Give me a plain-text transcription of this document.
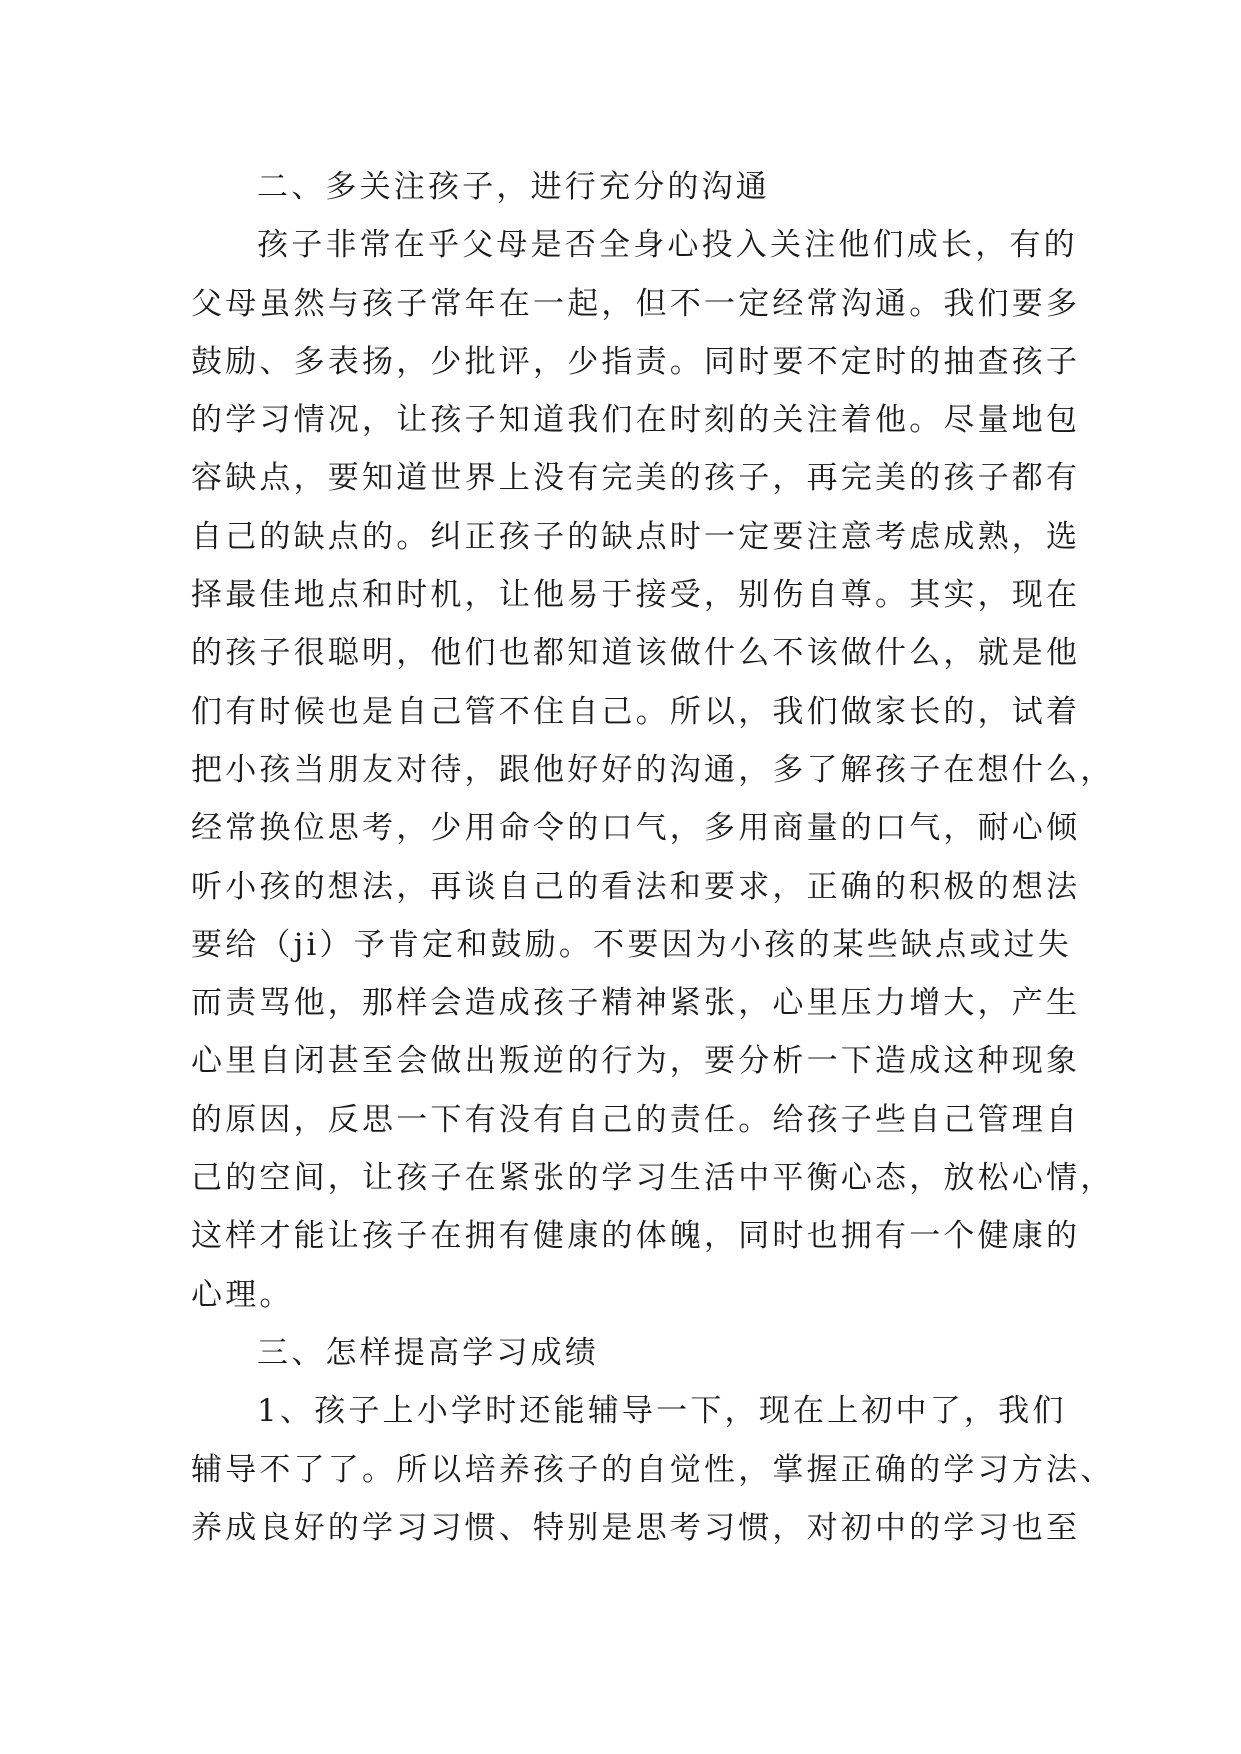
二、多关注孩子，进行充分的沟通
孩子非常在乎父母是否全身心投入关注他们成长，有的
父母虽然与孩子常年在一起，但不一定经常沟通。我们要多
鼓励、多表扬，少批评，少指责。同时要不定时的抽查孩子
的学习情况，让孩子知道我们在时刻的关注着他。尽量地包
容缺点，要知道世界上没有完美的孩子，再完美的孩子都有
自己的缺点的。纠正孩子的缺点时一定要注意考虑成熟，选
择最佳地点和时机，让他易于接受，别伤自尊。其实，现在
的孩子很聪明，他们也都知道该做什么不该做什么，就是他
们有时候也是自己管不住自己。所以，我们做家长的，试着
把小孩当朋友对待，跟他好好的沟通，多了解孩子在想什么，
经常换位思考，少用命令的口气，多用商量的口气，耐心倾
听小孩的想法，再谈自己的看法和要求，正确的积极的想法
要给（ji）予肯定和鼓励。不要因为小孩的某些缺点或过失
而责骂他，那样会造成孩子精神紧张，心里压力增大，产生
心里自闭甚至会做出叛逆的行为，要分析一下造成这种现象
的原因，反思一下有没有自己的责任。给孩子些自己管理自
己的空间，让孩子在紧张的学习生活中平衡心态，放松心情，
这样才能让孩子在拥有健康的体魄，同时也拥有一个健康的
心理。
三、怎样提高学习成绩
1、孩子上小学时还能辅导一下，现在上初中了，我们
辅导不了了。所以培养孩子的自觉性，掌握正确的学习方法、
养成良好的学习习惯、特别是思考习惯，对初中的学习也至
